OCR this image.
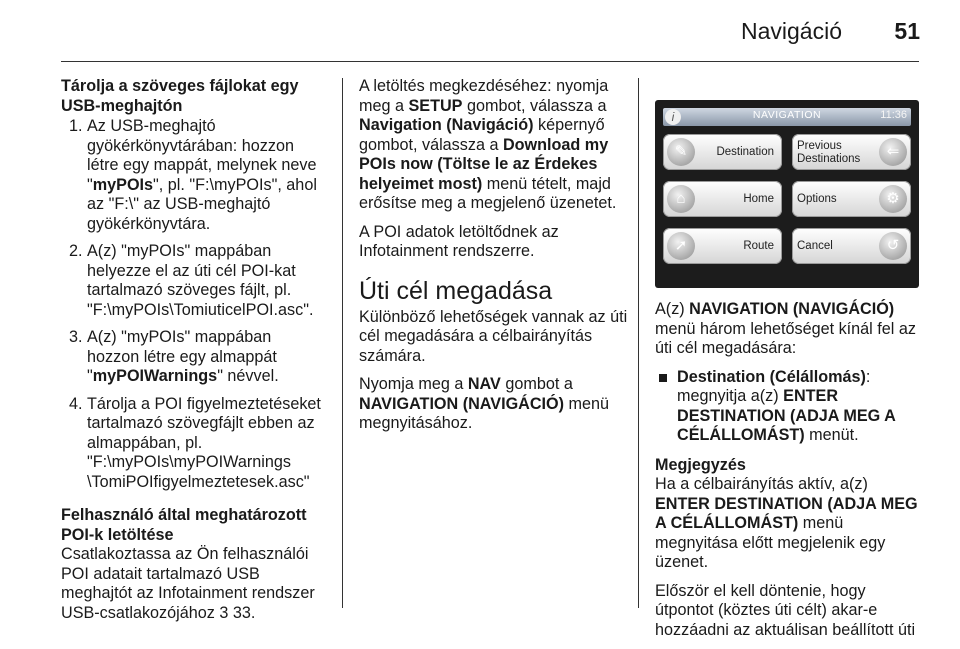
Navigáció 51

Tárolja a szöveges fájlokat egy USB-meghajtón

1. Az USB-meghajtó gyökérkönyvtárában: hozzon létre egy mappát, melynek neve "myPOIs", pl. "F:\myPOIs", ahol az "F:\" az USB-meghajtó gyökérkönyvtára.
2. A(z) "myPOIs" mappában helyezze el az úti cél POI-kat tartalmazó szöveges fájlt, pl. "F:\myPOIs\TomiuticelPOI.asc".
3. A(z) "myPOIs" mappában hozzon létre egy almappát "myPOIWarnings" névvel.
4. Tárolja a POI figyelmeztetéseket tartalmazó szövegfájlt ebben az almappában, pl. "F:\myPOIs\myPOIWarnings \TomiPOIfigyelmeztetesek.asc"

Felhasználó által meghatározott POI-k letöltése

Csatlakoztassa az Ön felhasználói POI adatait tartalmazó USB meghajtót az Infotainment rendszer USB-csatlakozójához 3 33.

A letöltés megkezdéséhez: nyomja meg a SETUP gombot, válassza a Navigation (Navigáció) képernyő gombot, válassza a Download my POIs now (Töltse le az Érdekes helyeimet most) menü tételt, majd erősítse meg a megjelenő üzenetet.

A POI adatok letöltődnek az Infotainment rendszerre.

Úti cél megadása

Különböző lehetőségek vannak az úti cél megadására a célbairányítás számára.

Nyomja meg a NAV gombot a NAVIGATION (NAVIGÁCIÓ) menü megnyitásához.

i	NAVIGATION	11:36
✎	Destination Previous
Destinations	⇐
⌂	Home Options	⚙
➚	Route Cancel	↺

A(z) NAVIGATION (NAVIGÁCIÓ) menü három lehetőséget kínál fel az úti cél megadására:

Destination (Célállomás): megnyitja a(z) ENTER DESTINATION (ADJA MEG A CÉLÁLLOMÁST) menüt.

Megjegyzés

Ha a célbairányítás aktív, a(z) ENTER DESTINATION (ADJA MEG A CÉLÁLLOMÁST) menü megnyitása előtt megjelenik egy üzenet.

Először el kell döntenie, hogy útpontot (köztes úti célt) akar-e hozzáadni az aktuálisan beállított úti
